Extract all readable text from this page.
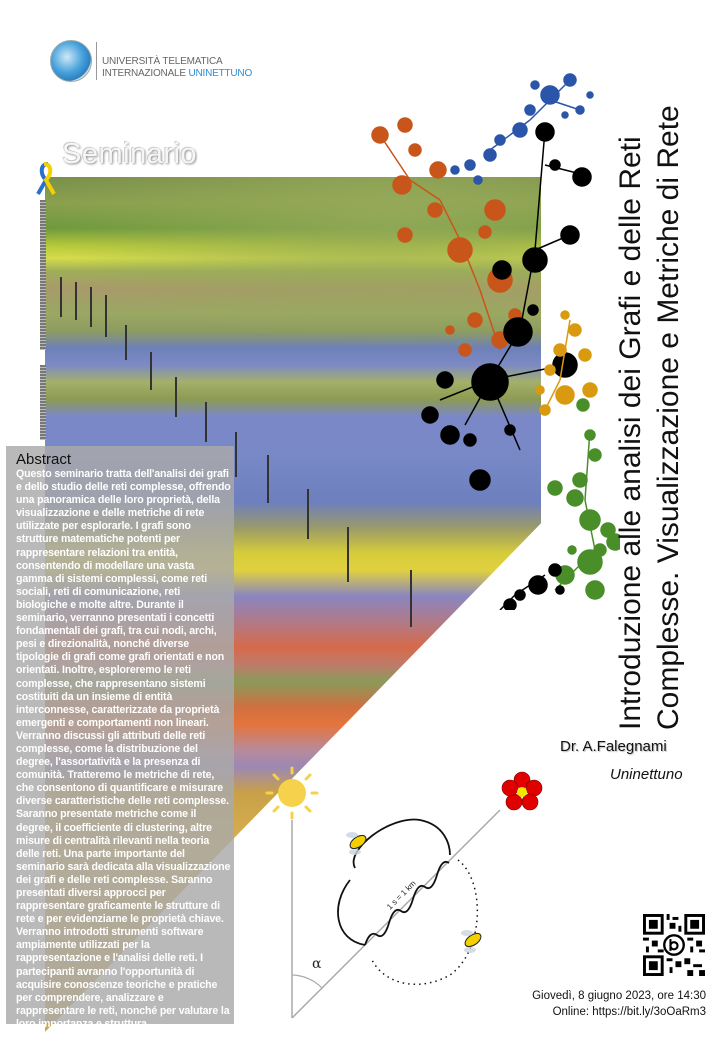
UNIVERSITÀ TELEMATICA
INTERNAZIONALE UNINETTUNO
Seminario	Introduzione alle analisi dei Grafi e delle Reti Complesse. Visualizzazione e Metriche di Rete
Abstract

Questo seminario tratta dell'analisi dei grafi e dello studio delle reti complesse, offrendo una panoramica delle loro proprietà, della visualizzazione e delle metriche di rete utilizzate per esplorarle. I grafi sono strutture matematiche potenti per rappresentare relazioni tra entità, consentendo di modellare una vasta gamma di sistemi complessi, come reti sociali, reti di comunicazione, reti biologiche e molte altre. Durante il seminario, verranno presentati i concetti fondamentali dei grafi, tra cui nodi, archi, pesi e direzionalità, nonché diverse tipologie di grafi come grafi orientati e non orientati. Inoltre, esploreremo le reti complesse, che rappresentano sistemi costituiti da un insieme di entità interconnesse, caratterizzate da proprietà emergenti e comportamenti non lineari. Verranno discussi gli attributi delle reti complesse, come la distribuzione del degree, l'assortatività e la presenza di comunità. Tratteremo le metriche di rete, che consentono di quantificare e misurare diverse caratteristiche delle reti complesse. Saranno presentate metriche come il degree, il coefficiente di clustering, altre misure di centralità rilevanti nella teoria delle reti. Una parte importante del seminario sarà dedicata alla visualizzazione dei grafi e delle reti complesse. Saranno presentati diversi approcci per rappresentare graficamente le strutture di rete e per evidenziarne le proprietà chiave. Verranno introdotti strumenti software ampiamente utilizzati per la rappresentazione e l'analisi delle reti. I partecipanti avranno l'opportunità di acquisire conoscenze teoriche e pratiche per comprendere, analizzare e rappresentare le reti, nonché per valutare la loro importanza e struttura.

Dr. A.Falegnami
Uninettuno
α
1 s = 1 km
Giovedì, 8 giugno 2023, ore 14:30
Online: https://bit.ly/3oOaRm3
